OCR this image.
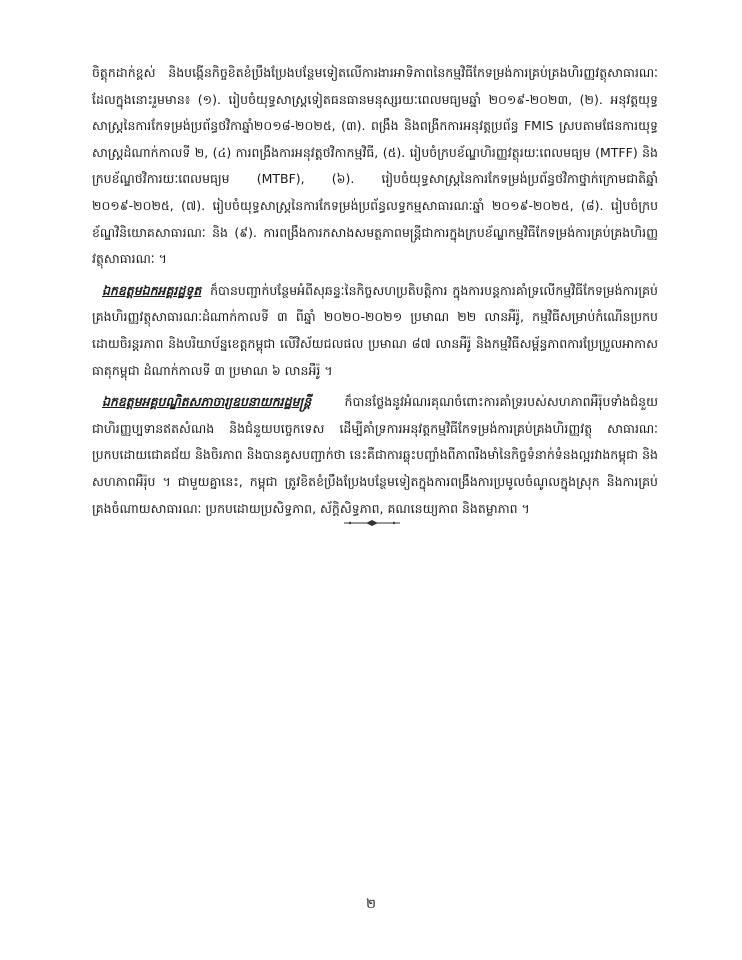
ចិត្តុកដាក់ខ្ពស់ និងបង្កើនកិច្ចខិតខំប្រឹងប្រែងបន្ថែមទៀតលើការងារអាទិភាពនៃកម្មវិធីកែទម្រង់ការគ្រប់គ្រងហិរញ្ញវត្ថុសាធារណៈ ដែលក្នុងនោះរួមមាន៖ (១). រៀបចំយុទ្ធសាស្ត្រទៀតធនធានមនុស្សរយៈពេលមធ្យមឆ្នាំ ២០១៩-២០២៣, (២). អនុវត្តយុទ្ធសាស្ត្រនៃការកែទម្រង់ប្រព័ន្ធថវិកាឆ្នាំ២០១៨-២០២៥, (៣). ពង្រឹង និងពង្រីកការអនុវត្តប្រព័ន្ធ FMIS ស្របតាមផែនការយុទ្ធសាស្ត្រដំណាក់កាលទី ២, (៤) ការពង្រឹងការអនុវត្តថវិកាកម្មវិធី, (៥). រៀបចំក្របខ័ណ្ឌហិរញ្ញវត្ថុរយៈពេលមធ្យម (MTFF) និងក្របខ័ណ្ឌថវិការយៈពេលមធ្យម (MTBF), (៦). រៀបចំយុទ្ធសាស្ត្រនៃការកែទម្រង់ប្រព័ន្ធថវិកាថ្នាក់ក្រោមជាតិឆ្នាំ ២០១៩-២០២៥, (៧). រៀបចំយុទ្ធសាស្ត្រនៃការកែទម្រង់ប្រព័ន្ធលទ្ធកម្មសាធារណៈឆ្នាំ ២០១៩-២០២៥, (៨). រៀបចំក្របខ័ណ្ឌវិនិយោគសាធារណៈ និង (៩). ការពង្រឹងការកសាងសមត្ថភាពមន្ត្រីជាការក្នុងក្របខ័ណ្ឌកម្មវិធីកែទម្រង់ការគ្រប់គ្រងហិរញ្ញវត្ថុសាធារណៈ ។

ឯកឧត្តមឯកអគ្គរដ្ឋទូត ក៏បានបញ្ជាក់បន្ថែមអំពីសុឆន្ទៈនៃកិច្ចសហប្រតិបត្តិការ ក្នុងការបន្តការគាំទ្រលើកម្មវិធីកែទម្រង់ការគ្រប់គ្រងហិរញ្ញវត្ថុសាធារណៈដំណាក់កាលទី ៣ ពីឆ្នាំ ២០២០-២០២១ ប្រមាណ ២២ លានអឺរ៉ូ, កម្មវិធីសម្រាប់កំណើនប្រកបដោយចិរន្តរភាព និងបរិយាប័ន្នខេត្តកម្ពុជា លើវិស័យជលផល ប្រមាណ ៨៧ លានអឺរ៉ូ និងកម្មវិធីសម្ព័ន្ធភាពការប្រែប្រួលអាកាសធាតុកម្ពុជា ដំណាក់កាលទី ៣ ប្រមាណ ៦ លានអឺរ៉ូ ។

ឯកឧត្តមអគ្គបណ្ឌិតសភាចារ្យឧបនាយករដ្ឋមន្ត្រី	ក៏បានថ្លែងនូវអំណរគុណចំពោះការគាំទ្ររបស់សហភាពអឺរ៉ុបទាំងជំនួយជាហិរញ្ញប្បទានឥតសំណង និងជំនួយបច្ចេកទេស ដើម្បីគាំទ្រការអនុវត្តកម្មវិធីកែទម្រង់ការគ្រប់គ្រងហិរញ្ញវត្ថុ សាធារណៈប្រកបដោយជោគជ័យ និងចិរភាព និងបានគូសបញ្ជាក់ថា នេះគឺជាការឆ្លុះបញ្ចាំងពីភាពរឹងមាំនៃកិច្ចទំនាក់ទំនងល្អរវាងកម្ពុជា និងសហភាពអឺរ៉ុប ។ ជាមួយគ្នានេះ, កម្ពុជា ត្រូវខិតខំប្រឹងប្រែងបន្ថែមទៀតក្នុងការពង្រឹងការប្រមូលចំណូលក្នុងស្រុក និងការគ្រប់គ្រងចំណាយសាធារណៈ ប្រកបដោយប្រសិទ្ធភាព, ស័ក្តិសិទ្ធភាព, គណនេយ្យភាព និងតម្លាភាព ។

២
